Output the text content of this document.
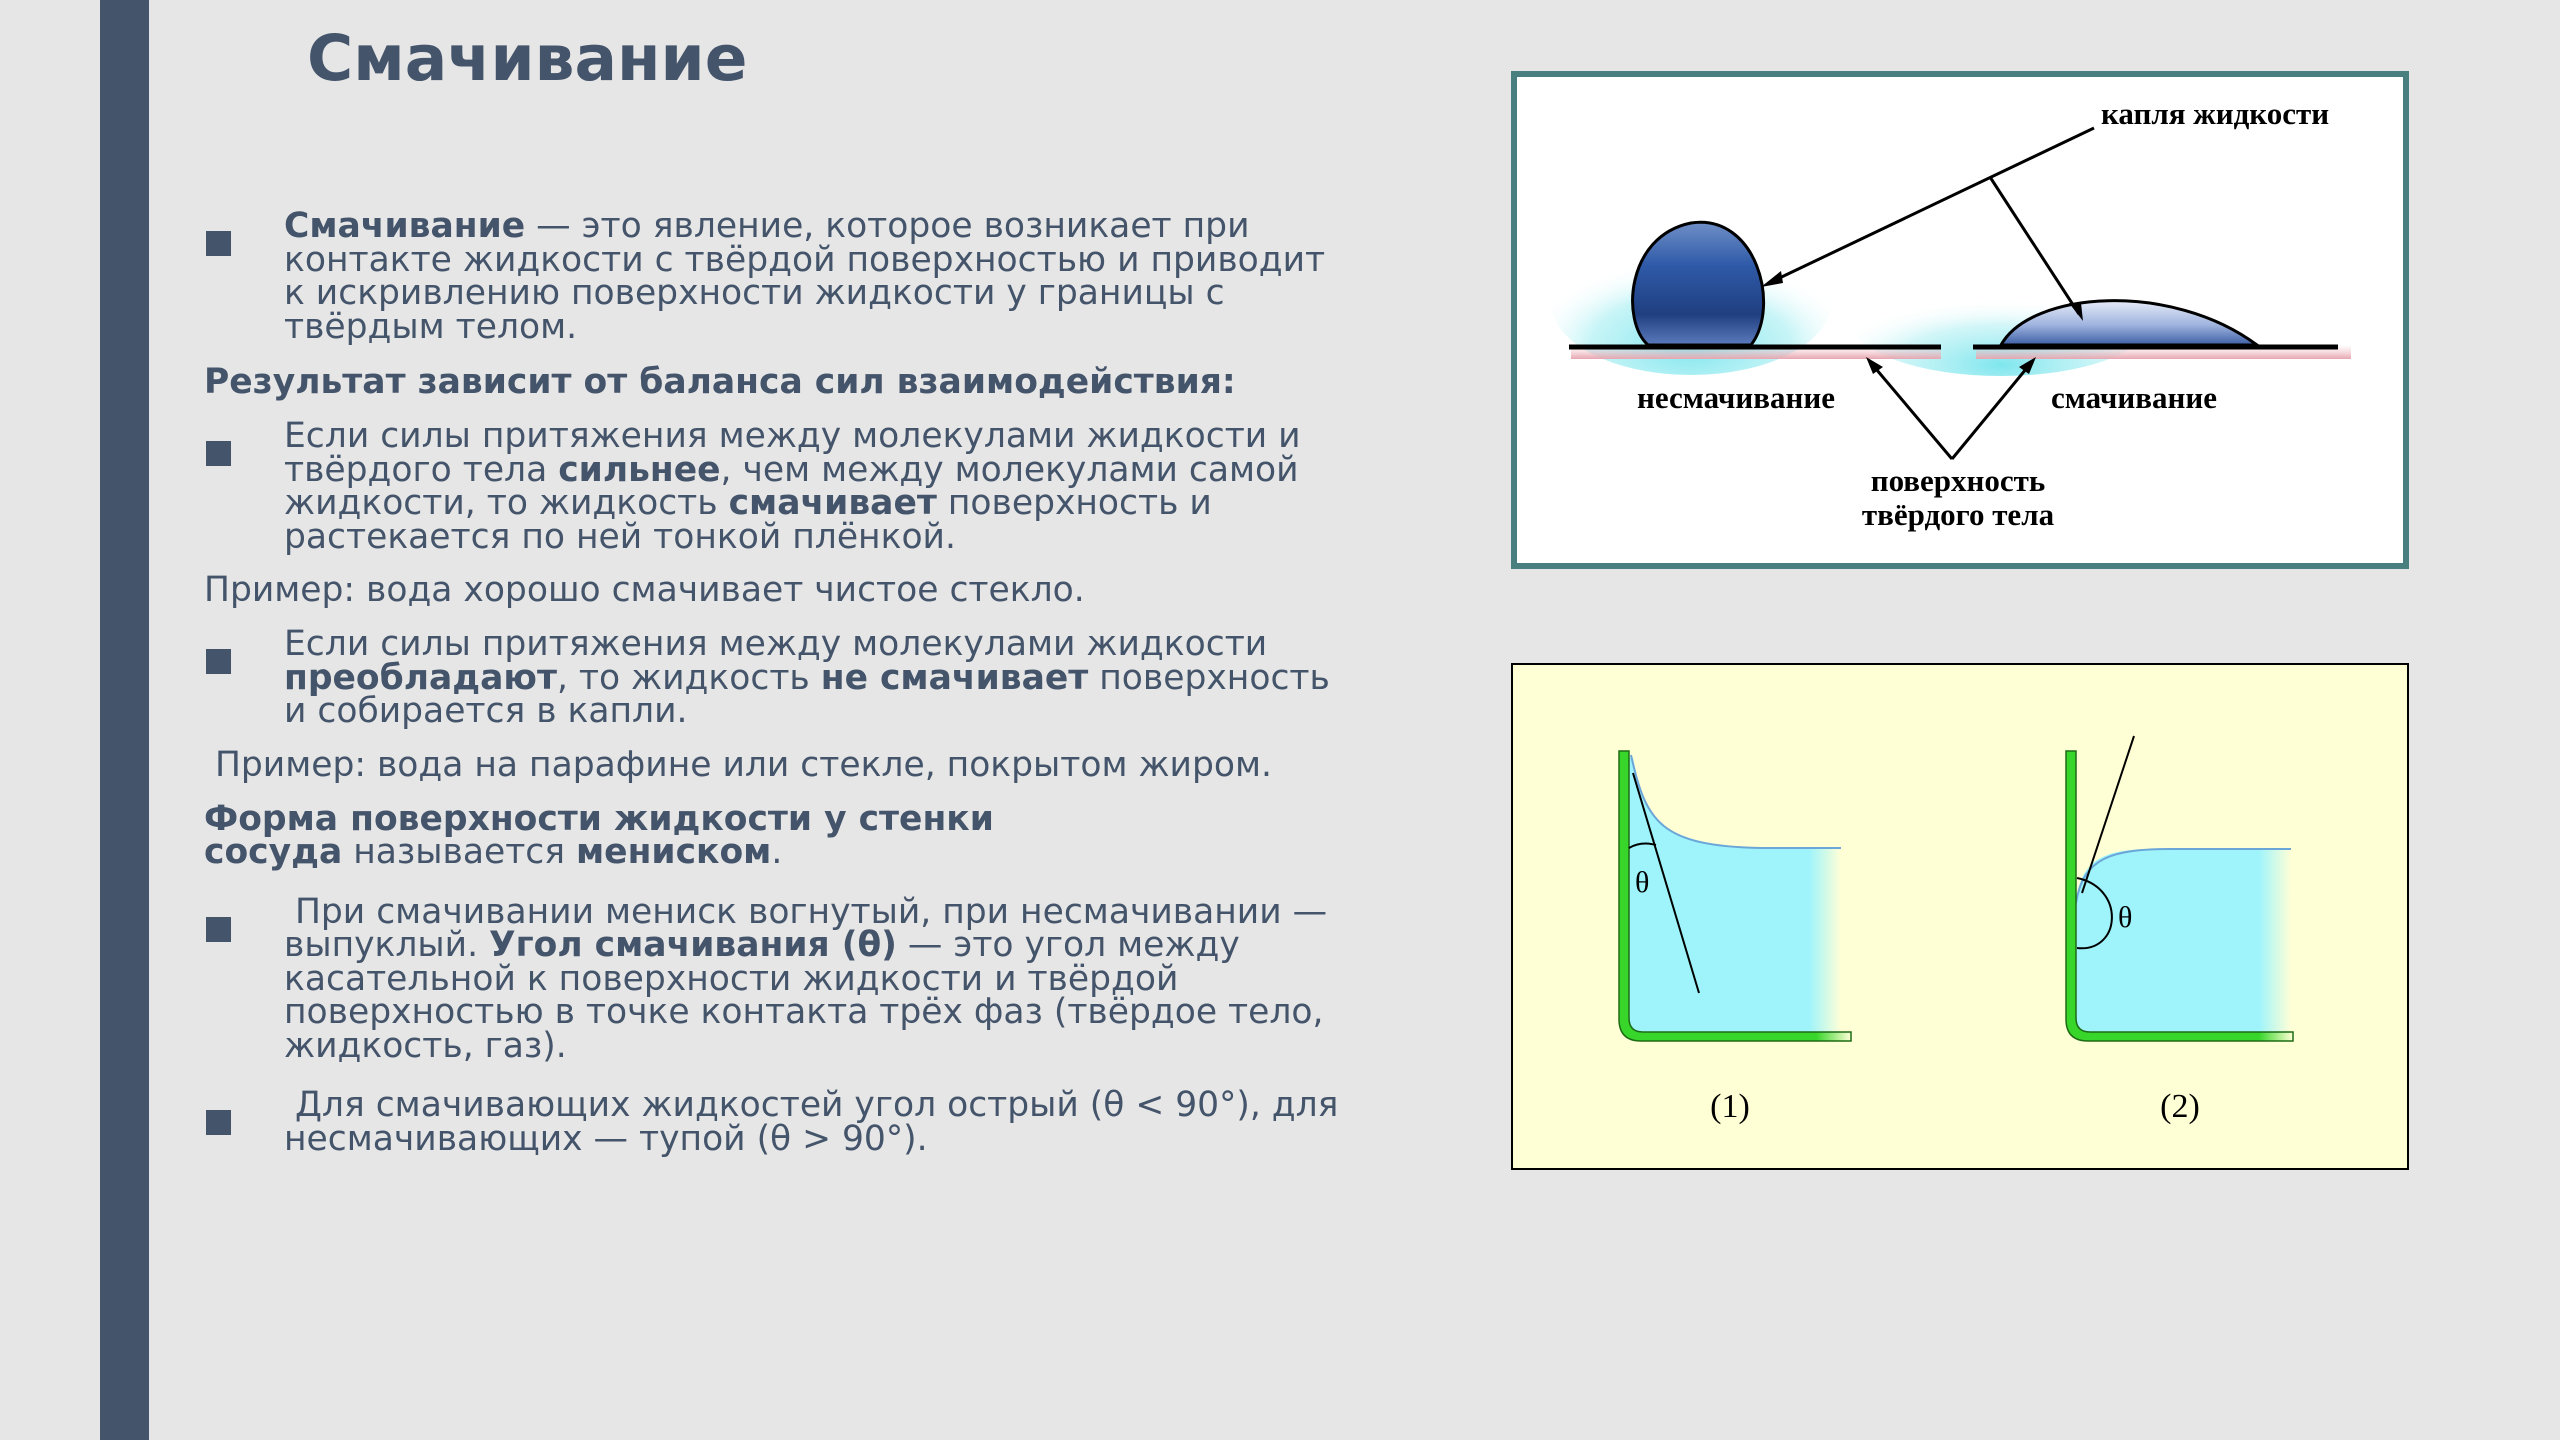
Смачивание
Смачивание — это явление, которое возникает при контакте жидкости с твёрдой поверхностью и приводит к искривлению поверхности жидкости у границы с твёрдым телом.
Результат зависит от баланса сил взаимодействия:
Если силы притяжения между молекулами жидкости и твёрдого тела сильнее, чем между молекулами самой жидкости, то жидкость смачивает поверхность и растекается по ней тонкой плёнкой.
Пример: вода хорошо смачивает чистое стекло.
Если силы притяжения между молекулами жидкости преобладают, то жидкость не смачивает поверхность и собирается в капли.
Пример: вода на парафине или стекле, покрытом жиром.
Форма поверхности жидкости у стенки сосуда называется мениском.
При смачивании мениск вогнутый, при несмачивании — выпуклый. Угол смачивания (θ) — это угол между касательной к поверхности жидкости и твёрдой поверхностью в точке контакта трёх фаз (твёрдое тело, жидкость, газ).
Для смачивающих жидкостей угол острый (θ < 90°), для несмачивающих — тупой (θ > 90°).
капля жидкости
несмачивание	смачивание
поверхность
твёрдого тела
θ
(1)
θ
(2)
